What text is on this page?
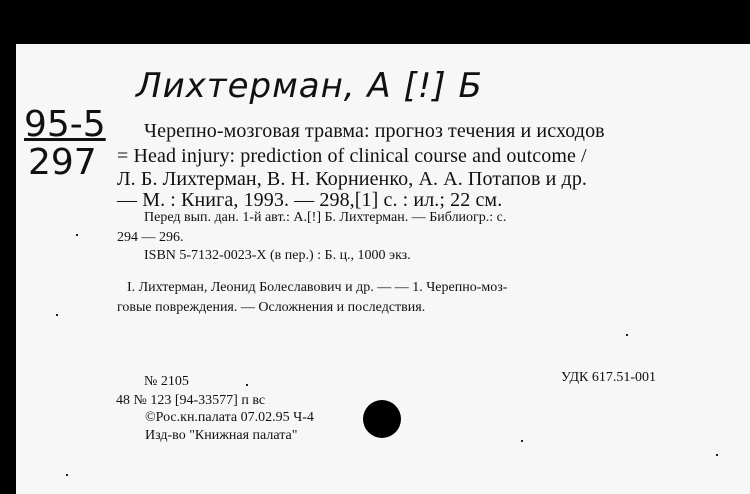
Лихтерман, А [!] Б
95-5
297
Черепно-мозговая травма: прогноз течения и исходов
= Head injury: prediction of clinical course and outcome /
Л. Б. Лихтерман, В. Н. Корниенко, А. А. Потапов и др.
— М. : Книга, 1993. — 298,[1] с. : ил.; 22 см.
Перед вып. дан. 1-й авт.: А.[!] Б. Лихтерман. — Библиогр.: с.
294 — 296.
ISBN 5-7132-0023-X (в пер.) : Б. ц., 1000 экз.
I. Лихтерман, Леонид Болеславович и др. — — 1. Черепно-моз-
говые повреждения. — Осложнения и последствия.
№ 2105	УДК 617.51-001
48 № 123 [94-33577] п вс
©Рос.кн.палата 07.02.95 Ч-4
Изд-во "Книжная палата"
